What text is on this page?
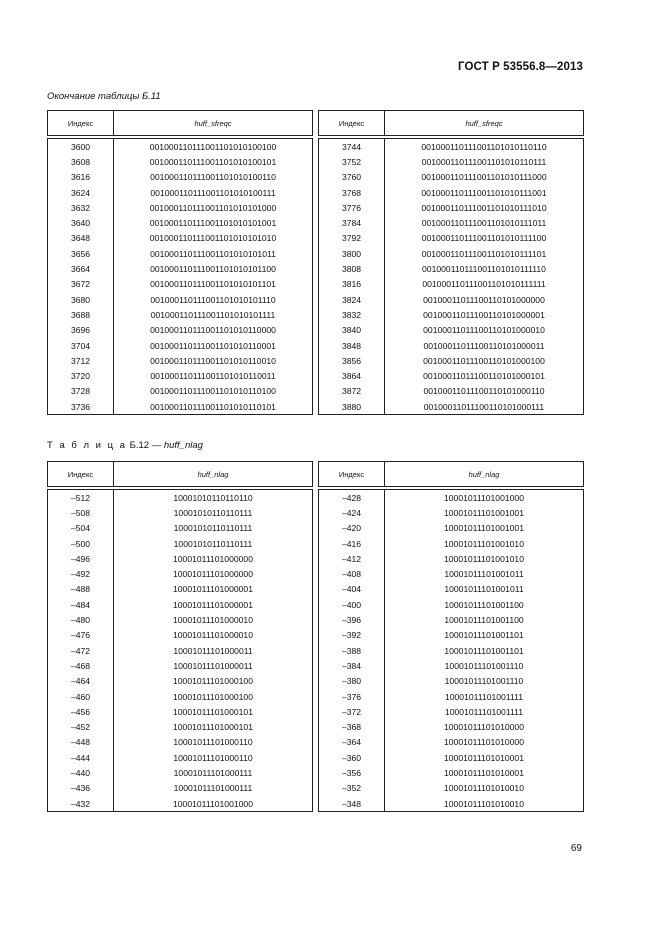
ГОСТ Р 53556.8—2013
Окончание таблицы Б.11
Индекс	huff_sfreqc

3600	001000110111001101010100100
3608	001000110111001101010100101
3616	001000110111001101010100110
3624	001000110111001101010100111
3632	001000110111001101010101000
3640	001000110111001101010101001
3648	001000110111001101010101010
3656	001000110111001101010101011
3664	001000110111001101010101100
3672	001000110111001101010101101
3680	001000110111001101010101110
3688	001000110111001101010101111
3696	001000110111001101010110000
3704	001000110111001101010110001
3712	001000110111001101010110010
3720	001000110111001101010110011
3728	001000110111001101010110100
3736	001000110111001101010110101
Индекс	huff_sfreqc

3744	001000110111001101010110110
3752	001000110111001101010110111
3760	001000110111001101010111000
3768	001000110111001101010111001
3776	001000110111001101010111010
3784	001000110111001101010111011
3792	001000110111001101010111100
3800	001000110111001101010111101
3808	001000110111001101010111110
3816	001000110111001101010111111
3824	00100011011100110101000000
3832	00100011011100110101000001
3840	00100011011100110101000010
3848	00100011011100110101000011
3856	00100011011100110101000100
3864	00100011011100110101000101
3872	00100011011100110101000110
3880	00100011011100110101000111
Т а б л и ц а Б.12 — huff_nlag
Индекс	huff_nlag

–512	10001010110110110
–508	10001010110110111
–504	10001010110110111
–500	10001010110110111
–496	10001011101000000
–492	10001011101000000
–488	10001011101000001
–484	10001011101000001
–480	10001011101000010
–476	10001011101000010
–472	10001011101000011
–468	10001011101000011
–464	10001011101000100
–460	10001011101000100
–456	10001011101000101
–452	10001011101000101
–448	10001011101000110
–444	10001011101000110
–440	10001011101000111
–436	10001011101000111
–432	10001011101001000
Индекс	huff_nlag

–428	10001011101001000
–424	10001011101001001
–420	10001011101001001
–416	10001011101001010
–412	10001011101001010
–408	10001011101001011
–404	10001011101001011
–400	10001011101001100
–396	10001011101001100
–392	10001011101001101
–388	10001011101001101
–384	10001011101001110
–380	10001011101001110
–376	10001011101001111
–372	10001011101001111
–368	10001011101010000
–364	10001011101010000
–360	10001011101010001
–356	10001011101010001
–352	10001011101010010
–348	10001011101010010
69
